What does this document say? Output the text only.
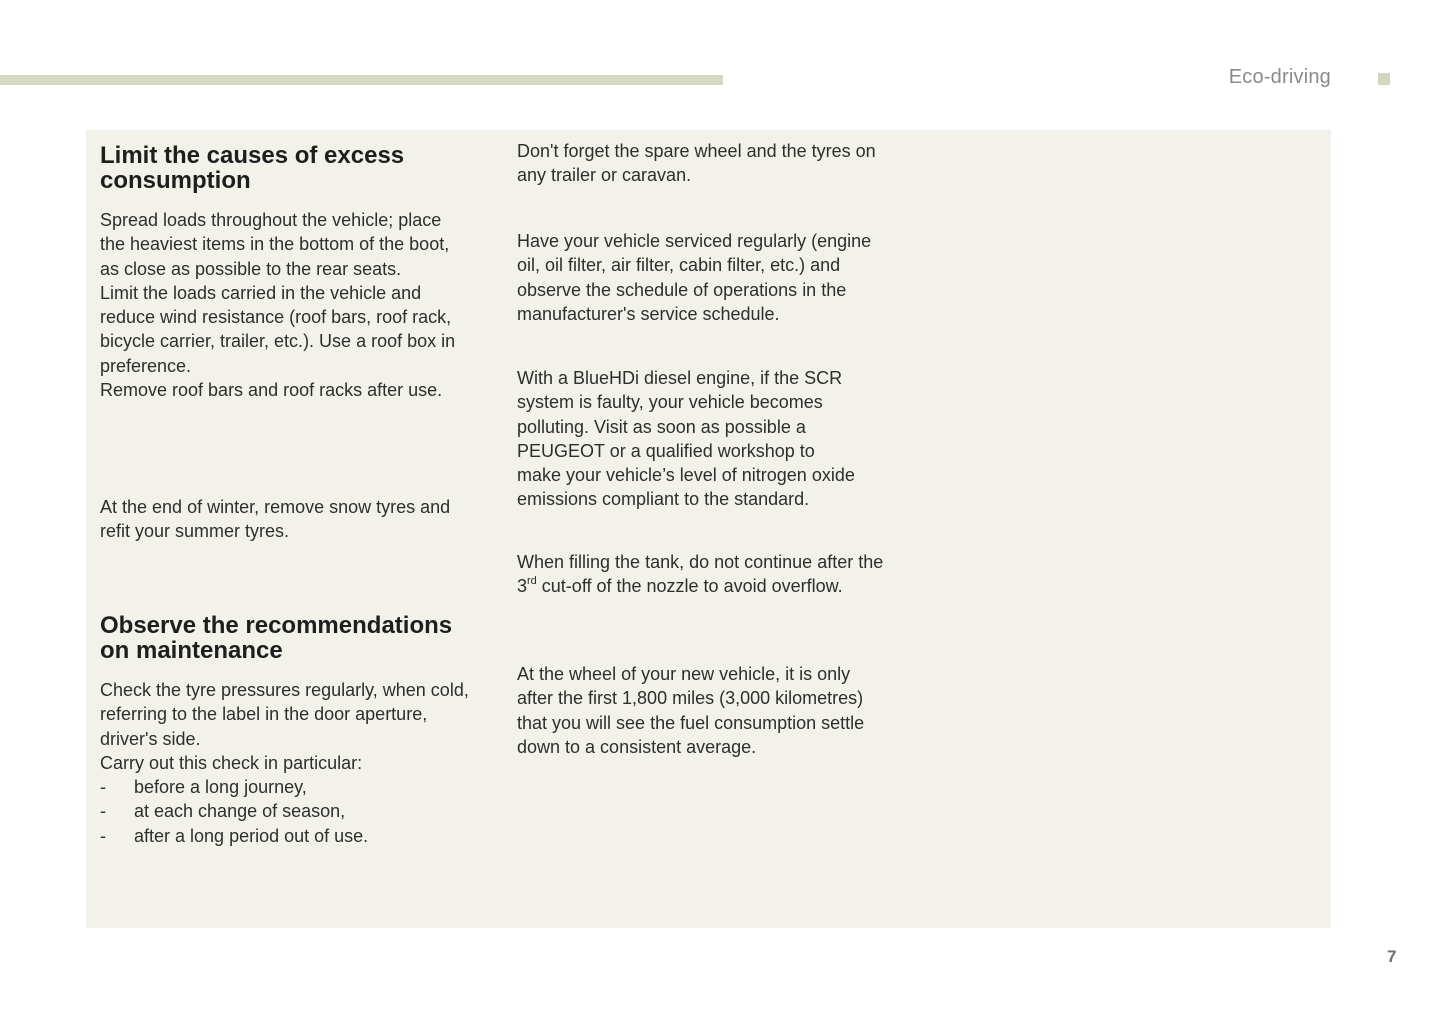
Eco-driving
Limit the causes of excess
consumption

Spread loads throughout the vehicle; place
the heaviest items in the bottom of the boot,
as close as possible to the rear seats.
Limit the loads carried in the vehicle and
reduce wind resistance (roof bars, roof rack,
bicycle carrier, trailer, etc.). Use a roof box in
preference.
Remove roof bars and roof racks after use.

At the end of winter, remove snow tyres and
refit your summer tyres.

Observe the recommendations
on maintenance

Check the tyre pressures regularly, when cold,
referring to the label in the door aperture,
driver's side.
Carry out this check in particular:

- before a long journey,
- at each change of season,
- after a long period out of use.

Don't forget the spare wheel and the tyres on
any trailer or caravan.

Have your vehicle serviced regularly (engine
oil, oil filter, air filter, cabin filter, etc.) and
observe the schedule of operations in the
manufacturer's service schedule.

With a BlueHDi diesel engine, if the SCR
system is faulty, your vehicle becomes
polluting. Visit as soon as possible a
PEUGEOT or a qualified workshop to
make your vehicle’s level of nitrogen oxide
emissions compliant to the standard.

When filling the tank, do not continue after the
3rd cut-off of the nozzle to avoid overflow.

At the wheel of your new vehicle, it is only
after the first 1,800 miles (3,000 kilometres)
that you will see the fuel consumption settle
down to a consistent average.

7
